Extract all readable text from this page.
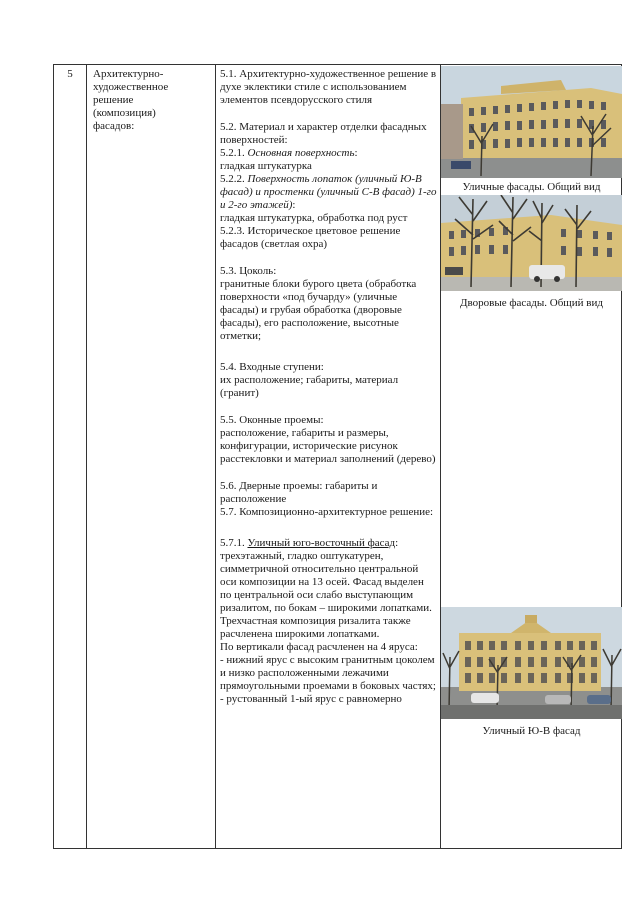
5	Архитектурно-
художественное
решение
(композиция)
фасадов:

5.1. Архитектурно-художественное решение в духе эклектики стиле с использованием элементов псевдорусского стиля

5.2. Материал и характер отделки фасадных поверхностей:

5.2.1. Основная поверхность:

гладкая штукатурка

5.2.2. Поверхность лопаток (уличный Ю-В фасад) и простенки (уличный С-В фасад) 1-го и 2-го этажей):

гладкая штукатурка, обработка под руст

5.2.3. Историческое цветовое решение фасадов (светлая охра)

5.3. Цоколь:

гранитные блоки бурого цвета (обработка поверхности «под бучарду» (уличные фасады) и грубая обработка (дворовые фасады), его расположение, высотные отметки;

5.4. Входные ступени:

их расположение; габариты, материал (гранит)

5.5. Оконные проемы:

расположение, габариты и размеры, конфигурации, исторические рисунок расстекловки и материал заполнений (дерево)

5.6. Дверные проемы: габариты и расположение

5.7. Композиционно-архитектурное решение:

5.7.1. Уличный юго-восточный фасад:

трехэтажный, гладко оштукатурен, симметричной относительно центральной оси композиции на 13 осей. Фасад выделен по центральной оси слабо выступающим ризалитом, по бокам – широкими лопатками. Трехчастная композиция ризалита также расчленена широкими лопатками.

По вертикали фасад расчленен на 4 яруса:

- нижний ярус с высоким гранитным цоколем и низко расположенными лежачими прямоугольными проемами в боковых частях;

- рустованный 1-ый ярус с равномерно

Уличные фасады. Общий вид
Дворовые фасады. Общий вид
Уличный Ю-В фасад
